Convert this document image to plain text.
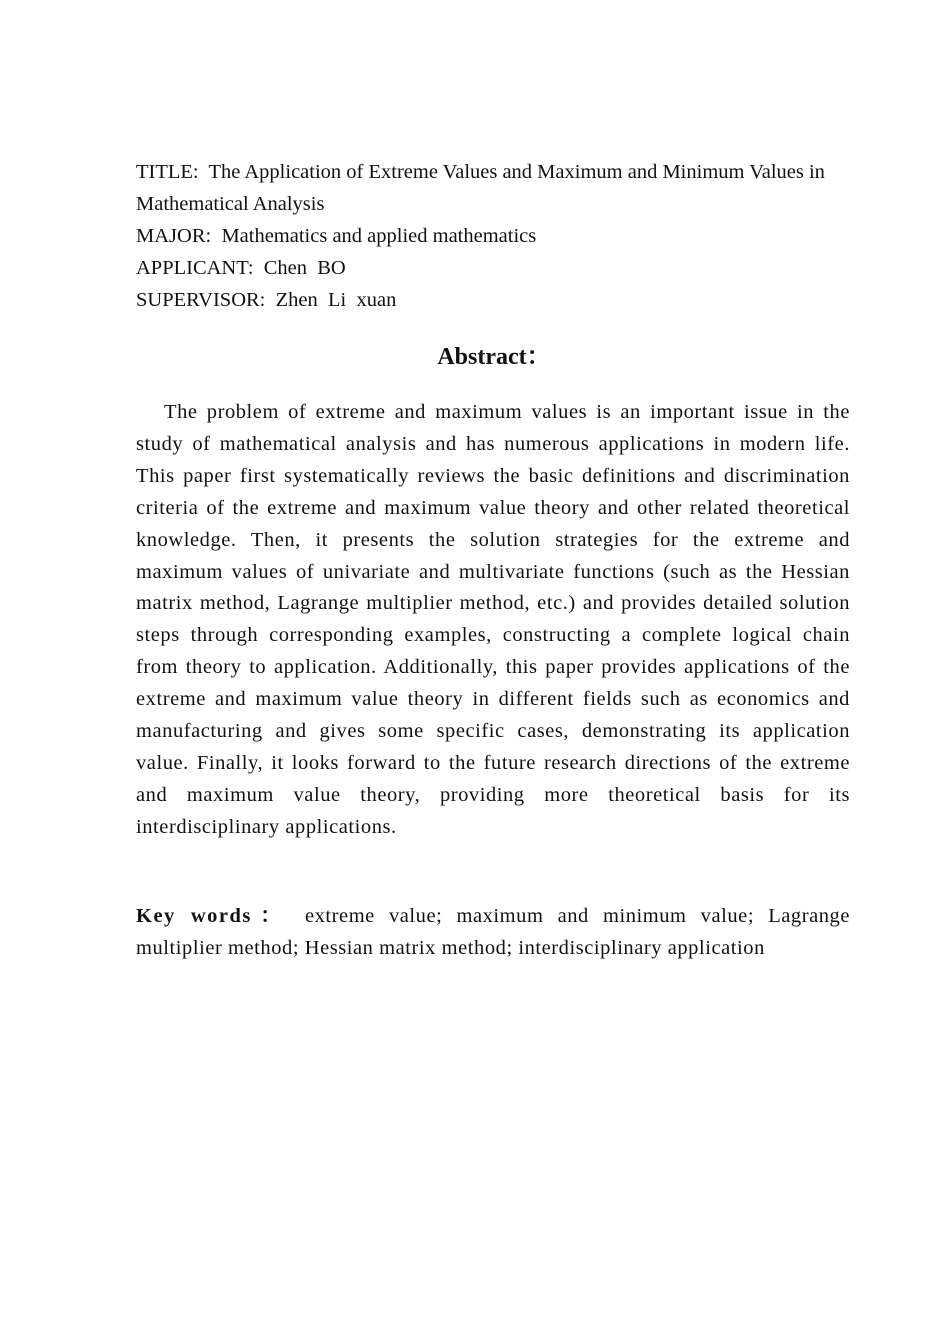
TITLE: The Application of Extreme Values and Maximum and Minimum Values in Mathematical Analysis
MAJOR: Mathematics and applied mathematics
APPLICANT: Chen  BO
SUPERVISOR: Zhen  Li  xuan
Abstract：
The problem of extreme and maximum values is an important issue in the study of mathematical analysis and has numerous applications in modern life. This paper first systematically reviews the basic definitions and discrimination criteria of the extreme and maximum value theory and other related theoretical knowledge. Then, it presents the solution strategies for the extreme and maximum values of univariate and multivariate functions (such as the Hessian matrix method, Lagrange multiplier method, etc.) and provides detailed solution steps through corresponding examples, constructing a complete logical chain from theory to application. Additionally, this paper provides applications of the extreme and maximum value theory in different fields such as economics and manufacturing and gives some specific cases, demonstrating its application value. Finally, it looks forward to the future research directions of the extreme and maximum value theory, providing more theoretical basis for its interdisciplinary applications.
Key words： extreme value; maximum and minimum value; Lagrange multiplier method; Hessian matrix method; interdisciplinary application
